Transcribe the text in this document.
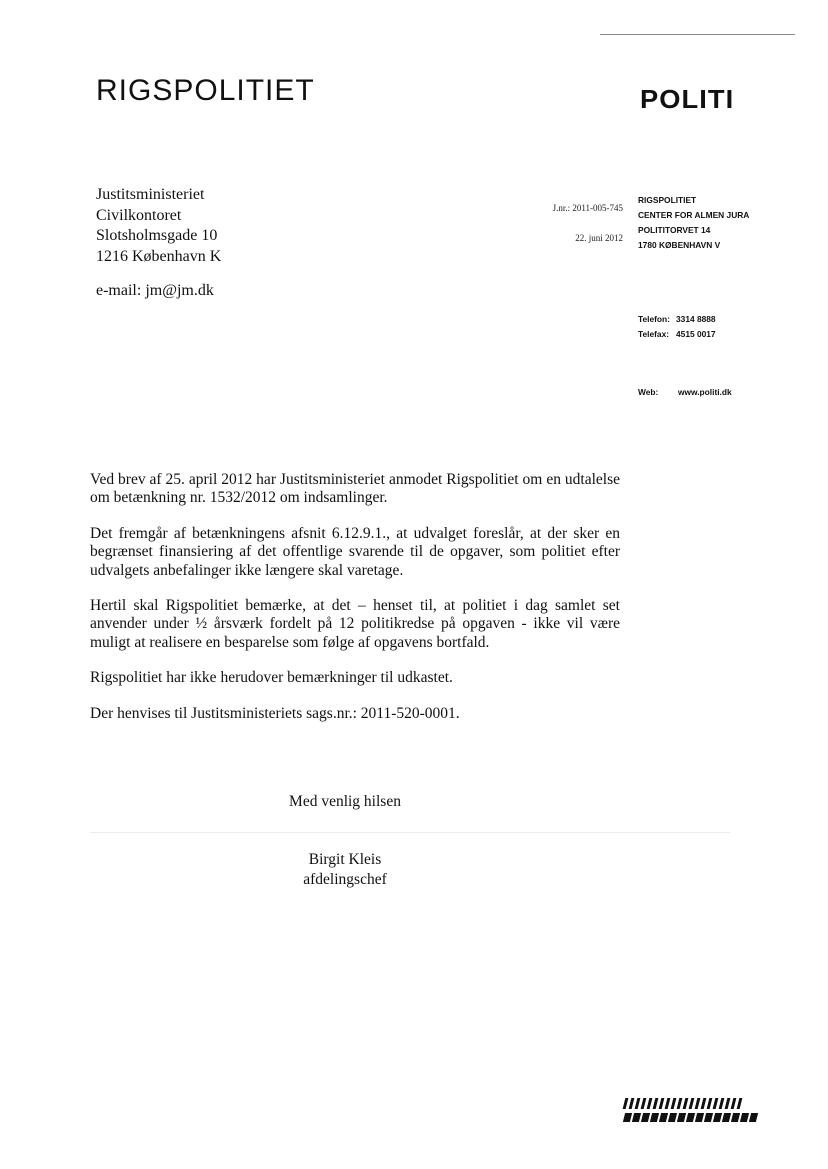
RIGSPOLITIET	POLITI
Justitsministeriet
Civilkontoret
Slotsholmsgade 10
1216 København K
e-mail: jm@jm.dk
J.nr.: 2011-005-745
22. juni 2012
RIGSPOLITIET
CENTER FOR ALMEN JURA
POLITITORVET 14
1780 KØBENHAVN V
Telefon: 3314 8888
Telefax: 4515 0017
Web: www.politi.dk

Ved brev af 25. april 2012 har Justitsministeriet anmodet Rigspolitiet om en udtalelse om betænkning nr. 1532/2012 om indsamlinger.

Det fremgår af betænkningens afsnit 6.12.9.1., at udvalget foreslår, at der sker en begrænset finansiering af det offentlige svarende til de opgaver, som politiet efter udvalgets anbefalinger ikke længere skal varetage.

Hertil skal Rigspolitiet bemærke, at det – henset til, at politiet i dag samlet set anvender under ½ årsværk fordelt på 12 politikredse på opgaven - ikke vil være muligt at realisere en besparelse som følge af opgavens bortfald.

Rigspolitiet har ikke herudover bemærkninger til udkastet.

Der henvises til Justitsministeriets sags.nr.: 2011-520-0001.

Med venlig hilsen
Birgit Kleis
afdelingschef
